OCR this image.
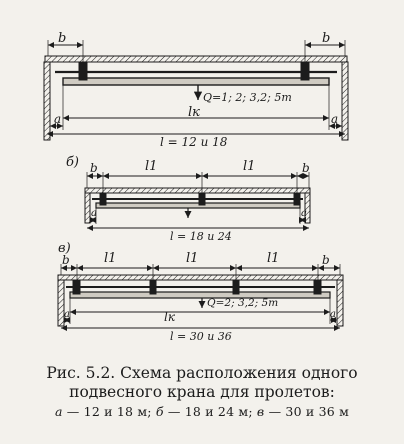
b	b
Q=1; 2; 3,2; 5т
lк
a	a
l = 12 и 18
б) b	l1	l1	b
a	a
l = 18 и 24
в)
b	l1	l1	l1	b
Q=2; 3,2; 5т
lк
a	a
l = 30 и 36
Рис. 5.2. Схема расположения одного
подвесного крана для пролетов:
а — 12 и 18 м; б — 18 и 24 м; в — 30 и 36 м
